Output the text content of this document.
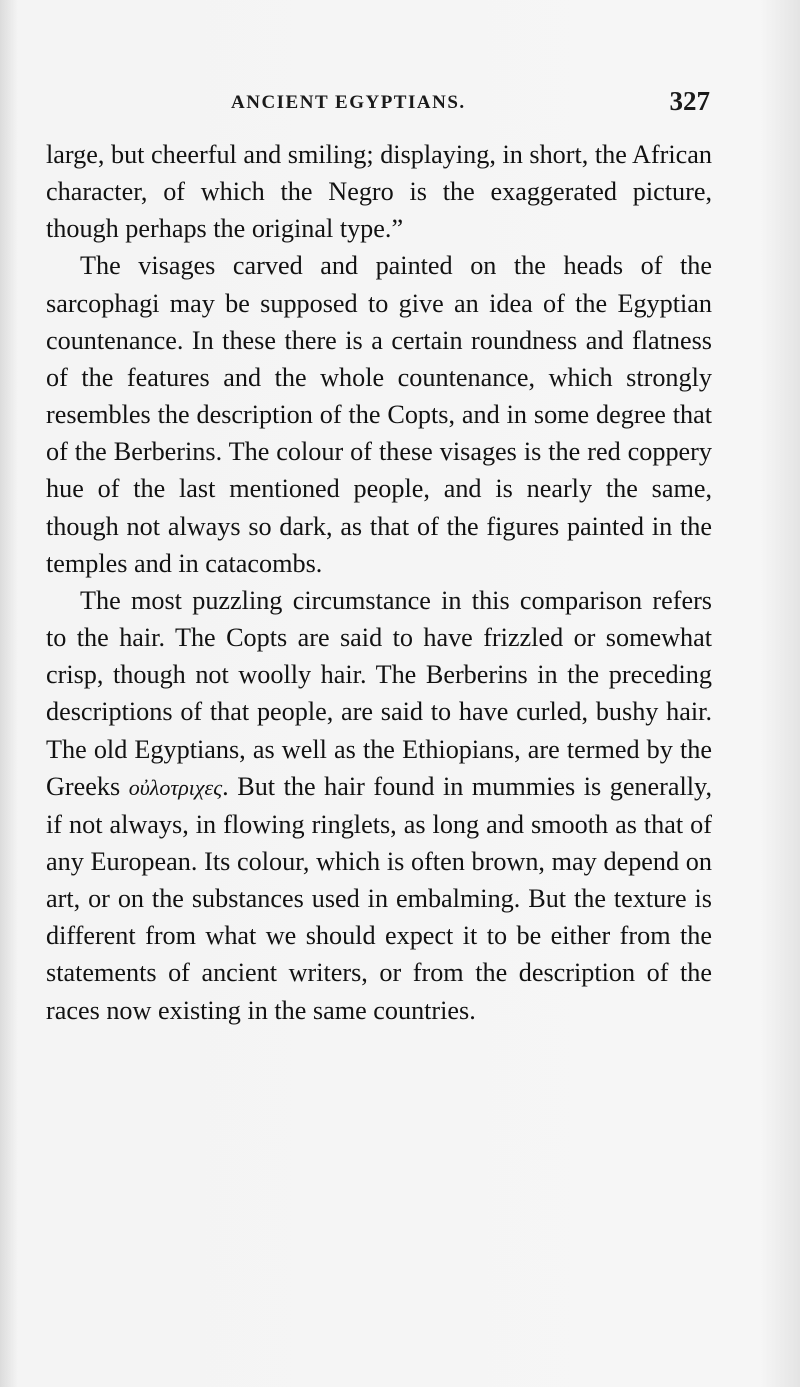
ANCIENT EGYPTIANS.	327

large, but cheerful and smiling; displaying, in short, the African character, of which the Negro is the exaggerated picture, though perhaps the original type.”

The visages carved and painted on the heads of the sarcophagi may be supposed to give an idea of the Egyptian countenance. In these there is a certain roundness and flatness of the features and the whole countenance, which strongly resembles the description of the Copts, and in some degree that of the Berberins. The colour of these visages is the red coppery hue of the last mentioned people, and is nearly the same, though not always so dark, as that of the figures painted in the temples and in catacombs.

The most puzzling circumstance in this comparison refers to the hair. The Copts are said to have frizzled or somewhat crisp, though not woolly hair. The Berberins in the preceding descriptions of that people, are said to have curled, bushy hair. The old Egyptians, as well as the Ethiopians, are termed by the Greeks οὐλοτριχες. But the hair found in mummies is generally, if not always, in flowing ringlets, as long and smooth as that of any European. Its colour, which is often brown, may depend on art, or on the substances used in embalming. But the texture is different from what we should expect it to be either from the statements of ancient writers, or from the description of the races now existing in the same countries.
